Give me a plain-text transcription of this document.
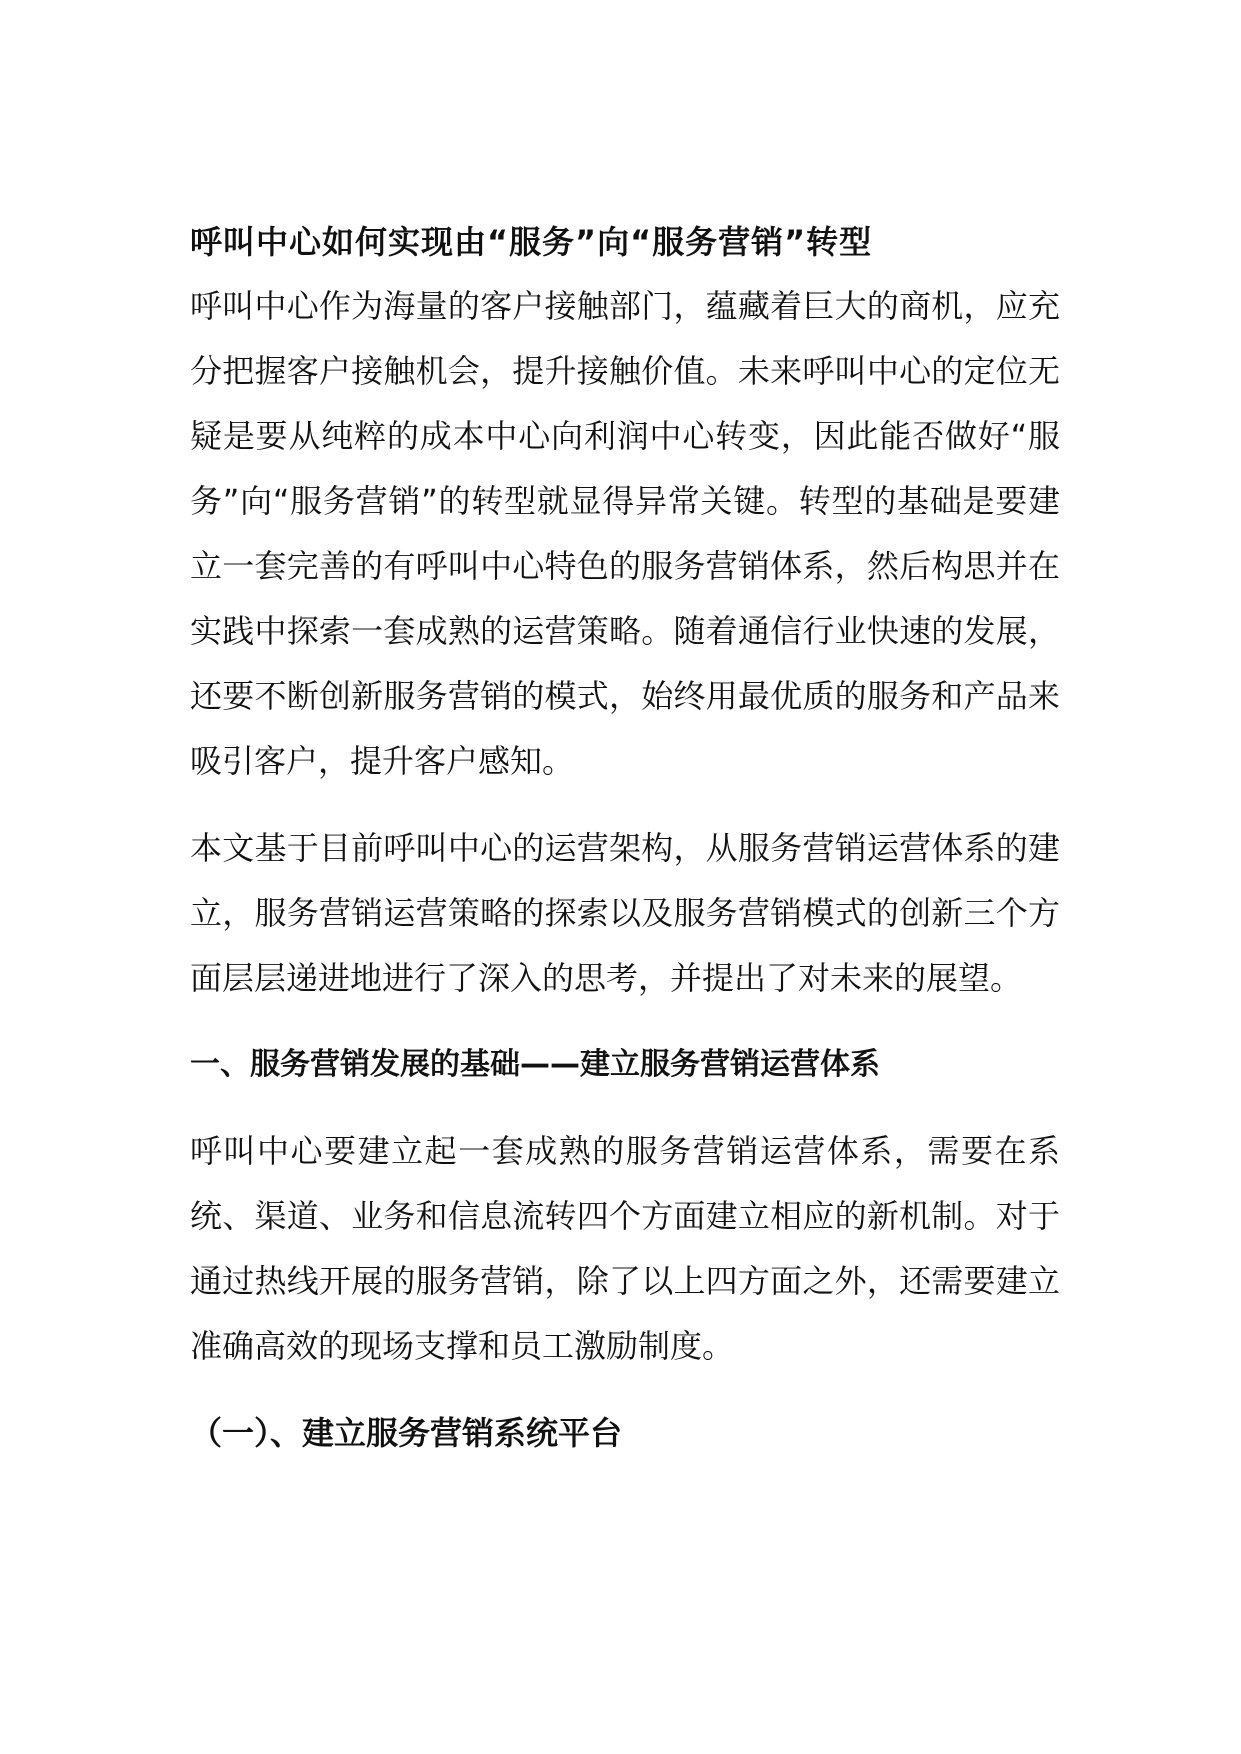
呼叫中心如何实现由“服务”向“服务营销”转型

呼叫中心作为海量的客户接触部门，蕴藏着巨大的商机，应充分把握客户接触机会，提升接触价值。未来呼叫中心的定位无疑是要从纯粹的成本中心向利润中心转变，因此能否做好“服务”向“服务营销”的转型就显得异常关键。转型的基础是要建立一套完善的有呼叫中心特色的服务营销体系，然后构思并在实践中探索一套成熟的运营策略。随着通信行业快速的发展，还要不断创新服务营销的模式，始终用最优质的服务和产品来吸引客户，提升客户感知。

本文基于目前呼叫中心的运营架构，从服务营销运营体系的建立，服务营销运营策略的探索以及服务营销模式的创新三个方面层层递进地进行了深入的思考，并提出了对未来的展望。

一、服务营销发展的基础——建立服务营销运营体系

呼叫中心要建立起一套成熟的服务营销运营体系，需要在系统、渠道、业务和信息流转四个方面建立相应的新机制。对于通过热线开展的服务营销，除了以上四方面之外，还需要建立准确高效的现场支撑和员工激励制度。

（一）、建立服务营销系统平台
